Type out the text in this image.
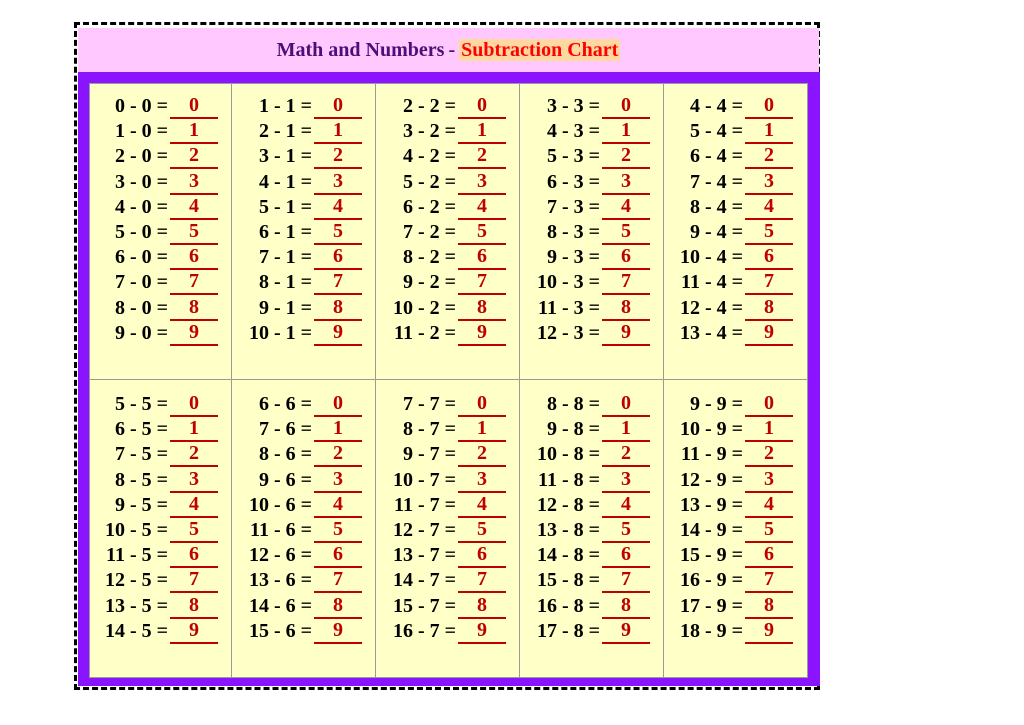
Math and Numbers - Subtraction Chart
0 - 0 =	0
1 - 0 =	1
2 - 0 =	2
3 - 0 =	3
4 - 0 =	4
5 - 0 =	5
6 - 0 =	6
7 - 0 =	7
8 - 0 =	8
9 - 0 =	9
1 - 1 =	0
2 - 1 =	1
3 - 1 =	2
4 - 1 =	3
5 - 1 =	4
6 - 1 =	5
7 - 1 =	6
8 - 1 =	7
9 - 1 =	8
10 - 1 =	9
2 - 2 =	0
3 - 2 =	1
4 - 2 =	2
5 - 2 =	3
6 - 2 =	4
7 - 2 =	5
8 - 2 =	6
9 - 2 =	7
10 - 2 =	8
11 - 2 =	9
3 - 3 =	0
4 - 3 =	1
5 - 3 =	2
6 - 3 =	3
7 - 3 =	4
8 - 3 =	5
9 - 3 =	6
10 - 3 =	7
11 - 3 =	8
12 - 3 =	9
4 - 4 =	0
5 - 4 =	1
6 - 4 =	2
7 - 4 =	3
8 - 4 =	4
9 - 4 =	5
10 - 4 =	6
11 - 4 =	7
12 - 4 =	8
13 - 4 =	9
5 - 5 =	0
6 - 5 =	1
7 - 5 =	2
8 - 5 =	3
9 - 5 =	4
10 - 5 =	5
11 - 5 =	6
12 - 5 =	7
13 - 5 =	8
14 - 5 =	9
6 - 6 =	0
7 - 6 =	1
8 - 6 =	2
9 - 6 =	3
10 - 6 =	4
11 - 6 =	5
12 - 6 =	6
13 - 6 =	7
14 - 6 =	8
15 - 6 =	9
7 - 7 =	0
8 - 7 =	1
9 - 7 =	2
10 - 7 =	3
11 - 7 =	4
12 - 7 =	5
13 - 7 =	6
14 - 7 =	7
15 - 7 =	8
16 - 7 =	9
8 - 8 =	0
9 - 8 =	1
10 - 8 =	2
11 - 8 =	3
12 - 8 =	4
13 - 8 =	5
14 - 8 =	6
15 - 8 =	7
16 - 8 =	8
17 - 8 =	9
9 - 9 =	0
10 - 9 =	1
11 - 9 =	2
12 - 9 =	3
13 - 9 =	4
14 - 9 =	5
15 - 9 =	6
16 - 9 =	7
17 - 9 =	8
18 - 9 =	9
